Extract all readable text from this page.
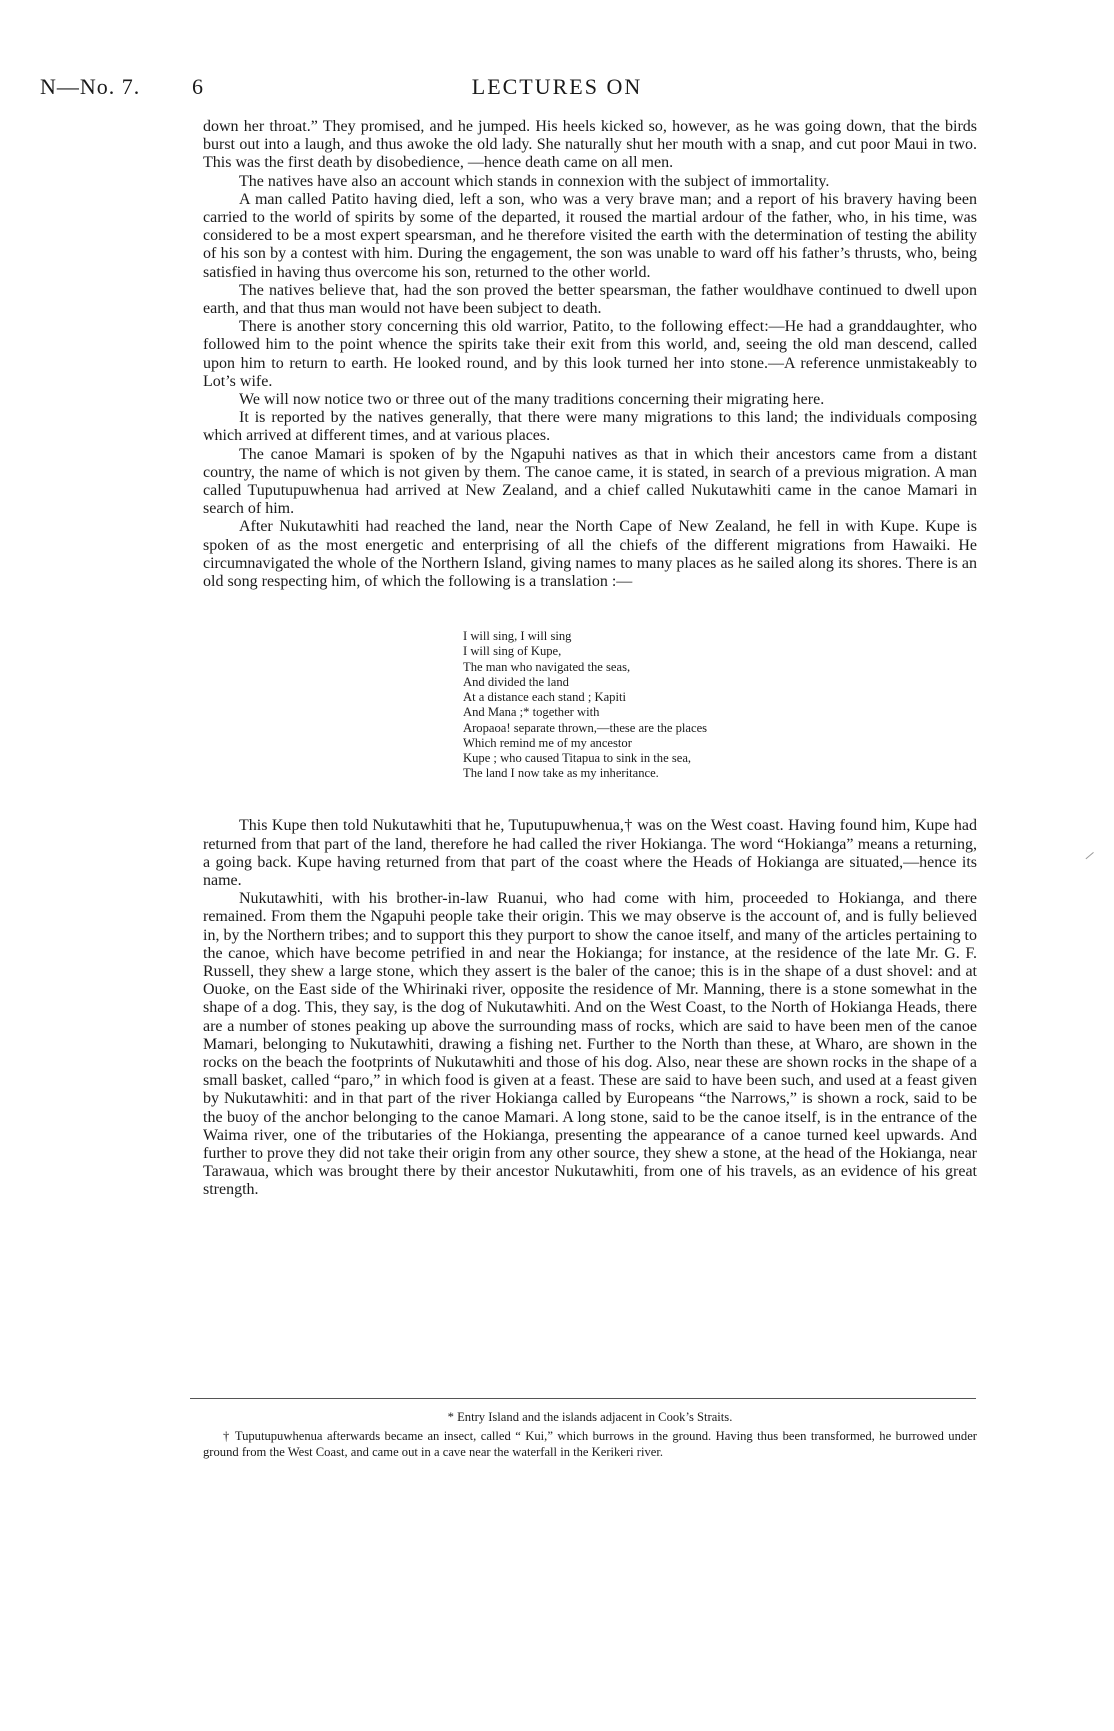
LECTURES ON
N—No. 7. 6

down her throat.” They promised, and he jumped. His heels kicked so, however, as he was going down, that the birds burst out into a laugh, and thus awoke the old lady. She naturally shut her mouth with a snap, and cut poor Maui in two. This was the first death by disobedience, —hence death came on all men.

The natives have also an account which stands in connexion with the subject of immortality.

A man called Patito having died, left a son, who was a very brave man; and a report of his bravery having been carried to the world of spirits by some of the departed, it roused the martial ardour of the father, who, in his time, was considered to be a most expert spearsman, and he therefore visited the earth with the determination of testing the ability of his son by a contest with him. During the engagement, the son was unable to ward off his father’s thrusts, who, being satisfied in having thus overcome his son, returned to the other world.

The natives believe that, had the son proved the better spearsman, the father wouldhave continued to dwell upon earth, and that thus man would not have been subject to death.

There is another story concerning this old warrior, Patito, to the following effect:—He had a granddaughter, who followed him to the point whence the spirits take their exit from this world, and, seeing the old man descend, called upon him to return to earth. He looked round, and by this look turned her into stone.—A reference unmistakeably to Lot’s wife.

We will now notice two or three out of the many traditions concerning their migrating here.

It is reported by the natives generally, that there were many migrations to this land; the individuals composing which arrived at different times, and at various places.

The canoe Mamari is spoken of by the Ngapuhi natives as that in which their ancestors came from a distant country, the name of which is not given by them. The canoe came, it is stated, in search of a previous migration. A man called Tuputupuwhenua had arrived at New Zealand, and a chief called Nukutawhiti came in the canoe Mamari in search of him.

After Nukutawhiti had reached the land, near the North Cape of New Zealand, he fell in with Kupe. Kupe is spoken of as the most energetic and enterprising of all the chiefs of the different migrations from Hawaiki. He circumnavigated the whole of the Northern Island, giving names to many places as he sailed along its shores. There is an old song respecting him, of which the following is a translation :—

I will sing, I will sing
I will sing of Kupe,
The man who navigated the seas,
And divided the land
At a distance each stand ; Kapiti
And Mana ;* together with
Aropaoa! separate thrown,—these are the places
Which remind me of my ancestor
Kupe ; who caused Titapua to sink in the sea,
The land I now take as my inheritance.

This Kupe then told Nukutawhiti that he, Tuputupuwhenua,† was on the West coast. Having found him, Kupe had returned from that part of the land, therefore he had called the river Hokianga. The word “Hokianga” means a returning, a going back. Kupe having returned from that part of the coast where the Heads of Hokianga are situated,—hence its name.

Nukutawhiti, with his brother-in-law Ruanui, who had come with him, proceeded to Hokianga, and there remained. From them the Ngapuhi people take their origin. This we may observe is the account of, and is fully believed in, by the Northern tribes; and to support this they purport to show the canoe itself, and many of the articles pertaining to the canoe, which have become petrified in and near the Hokianga; for instance, at the residence of the late Mr. G. F. Russell, they shew a large stone, which they assert is the baler of the canoe; this is in the shape of a dust shovel: and at Ouoke, on the East side of the Whirinaki river, opposite the residence of Mr. Manning, there is a stone somewhat in the shape of a dog. This, they say, is the dog of Nukutawhiti. And on the West Coast, to the North of Hokianga Heads, there are a number of stones peaking up above the surrounding mass of rocks, which are said to have been men of the canoe Mamari, belonging to Nukutawhiti, drawing a fishing net. Further to the North than these, at Wharo, are shown in the rocks on the beach the footprints of Nukutawhiti and those of his dog. Also, near these are shown rocks in the shape of a small basket, called “paro,” in which food is given at a feast. These are said to have been such, and used at a feast given by Nukutawhiti: and in that part of the river Hokianga called by Europeans “the Narrows,” is shown a rock, said to be the buoy of the anchor belonging to the canoe Mamari. A long stone, said to be the canoe itself, is in the entrance of the Waima river, one of the tributaries of the Hokianga, presenting the appearance of a canoe turned keel upwards. And further to prove they did not take their origin from any other source, they shew a stone, at the head of the Hokianga, near Tarawaua, which was brought there by their ancestor Nukutawhiti, from one of his travels, as an evidence of his great strength.

* Entry Island and the islands adjacent in Cook’s Straits.

† Tuputupuwhenua afterwards became an insect, called “ Kui,” which burrows in the ground. Having thus been transformed, he burrowed under ground from the West Coast, and came out in a cave near the waterfall in the Kerikeri river.
